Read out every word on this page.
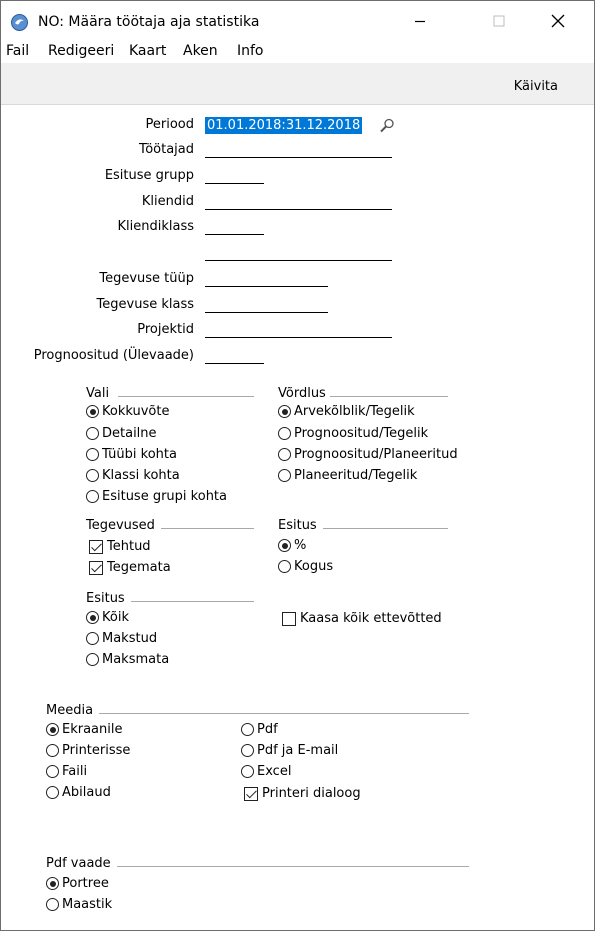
NO: Määra töötaja aja statistika
Fail Redigeeri Kaart Aken Info
Käivita
Periood 01.01.2018:31.12.2018
Töötajad
Esituse grupp
Kliendid
Kliendiklass
Tegevuse tüüp
Tegevuse klass
Projektid
Prognoositud (Ülevaade)
Vali
Kokkuvõte
Detailne
Tüübi kohta
Klassi kohta
Esituse grupi kohta
Võrdlus
Arvekõlblik/Tegelik
Prognoositud/Tegelik
Prognoositud/Planeeritud
Planeeritud/Tegelik
Tegevused
Tehtud
Tegemata
Esitus
%
Kogus
Esitus
Kõik
Makstud
Maksmata
Kaasa kõik ettevõtted
Meedia
Ekraanile
Printerisse
Faili
Abilaud
Pdf
Pdf ja E-mail
Excel
Printeri dialoog
Pdf vaade
Portree
Maastik
